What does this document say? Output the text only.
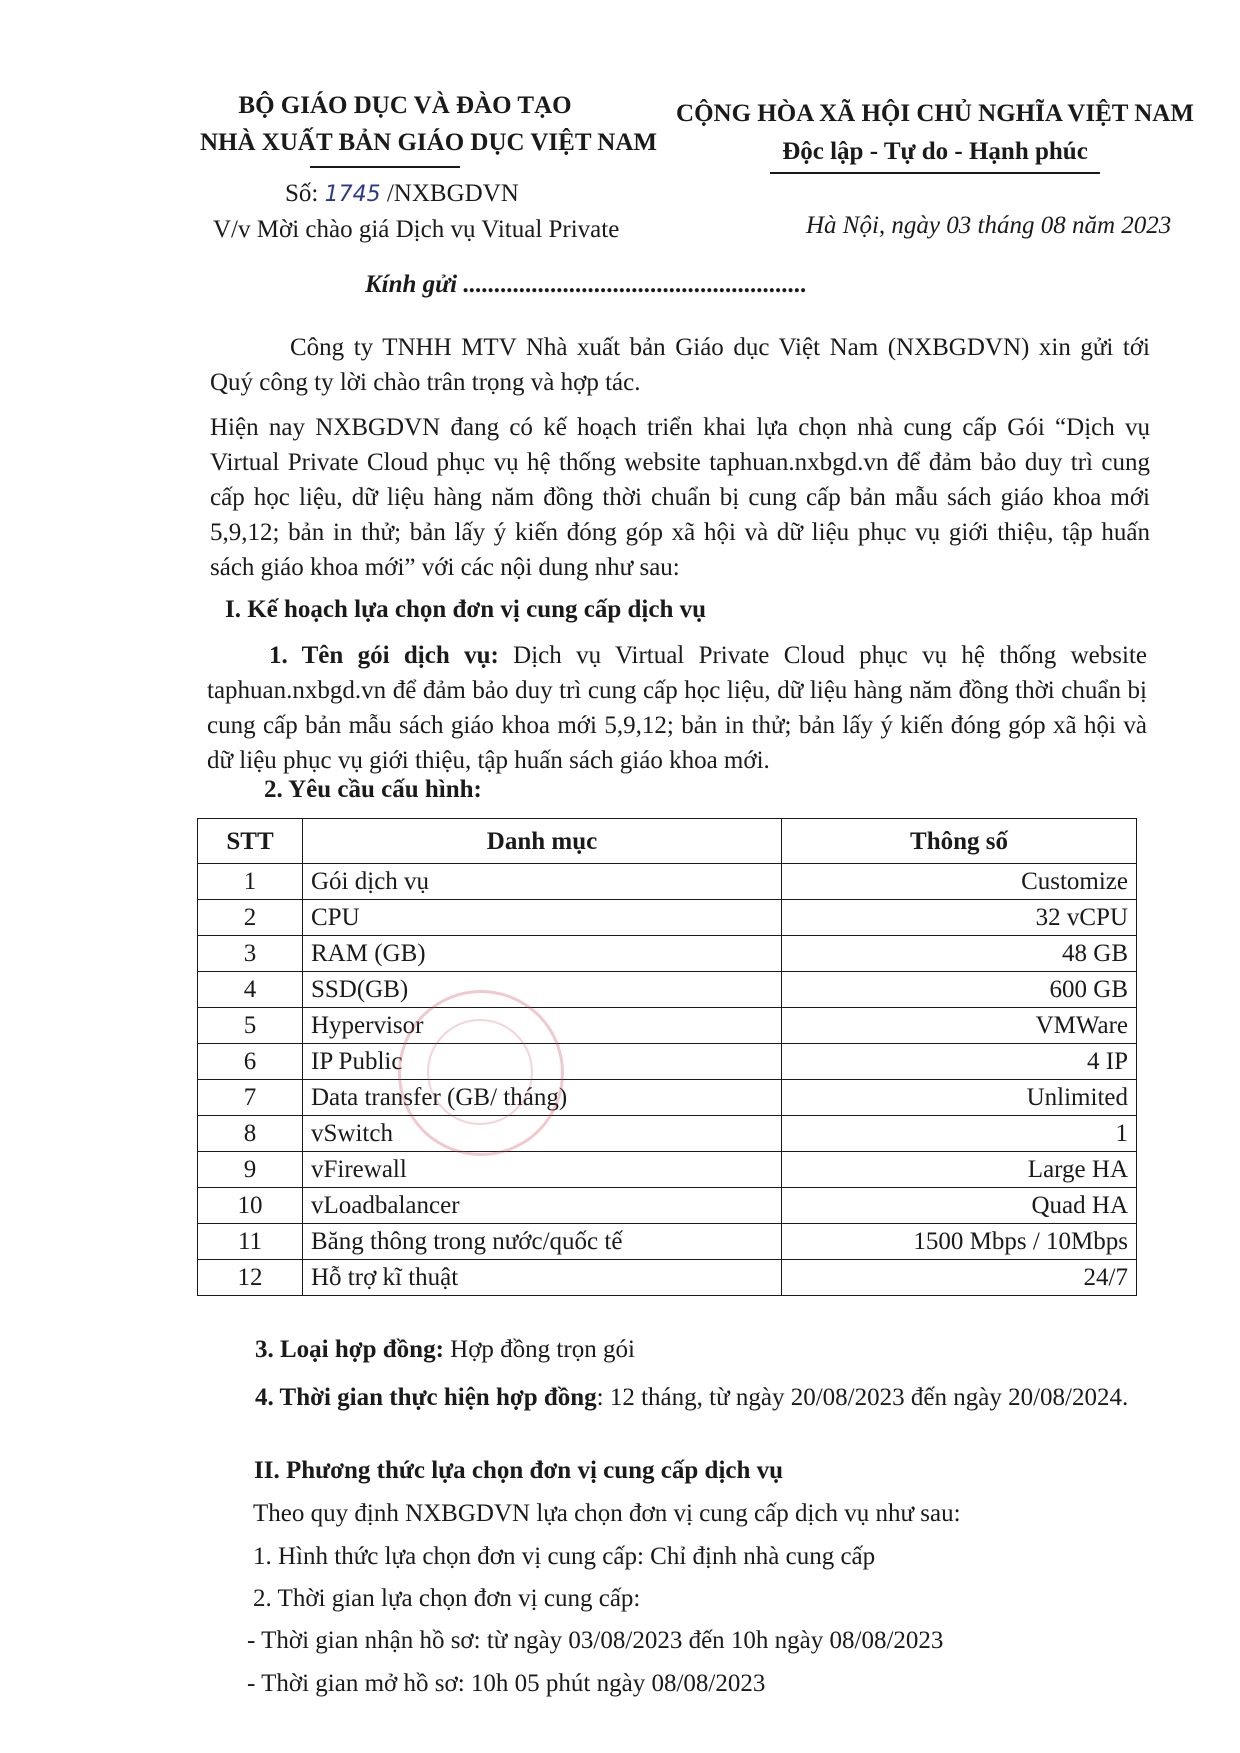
BỘ GIÁO DỤC VÀ ĐÀO TẠO
NHÀ XUẤT BẢN GIÁO DỤC VIỆT NAM
Số: 1745 /NXBGDVN
V/v Mời chào giá Dịch vụ Vitual Private
CỘNG HÒA XÃ HỘI CHỦ NGHĨA VIỆT NAM
Độc lập - Tự do - Hạnh phúc
Hà Nội, ngày 03 tháng 08 năm 2023
Kính gửi .......................................................
Công ty TNHH MTV Nhà xuất bản Giáo dục Việt Nam (NXBGDVN) xin gửi tới Quý công ty lời chào trân trọng và hợp tác.
Hiện nay NXBGDVN đang có kế hoạch triển khai lựa chọn nhà cung cấp Gói “Dịch vụ Virtual Private Cloud phục vụ hệ thống website taphuan.nxbgd.vn để đảm bảo duy trì cung cấp học liệu, dữ liệu hàng năm đồng thời chuẩn bị cung cấp bản mẫu sách giáo khoa mới 5,9,12; bản in thử; bản lấy ý kiến đóng góp xã hội và dữ liệu phục vụ giới thiệu, tập huấn sách giáo khoa mới” với các nội dung như sau:
I. Kế hoạch lựa chọn đơn vị cung cấp dịch vụ
1. Tên gói dịch vụ: Dịch vụ Virtual Private Cloud phục vụ hệ thống website taphuan.nxbgd.vn để đảm bảo duy trì cung cấp học liệu, dữ liệu hàng năm đồng thời chuẩn bị cung cấp bản mẫu sách giáo khoa mới 5,9,12; bản in thử; bản lấy ý kiến đóng góp xã hội và dữ liệu phục vụ giới thiệu, tập huấn sách giáo khoa mới.
2. Yêu cầu cấu hình:
STT	Danh mục	Thông số
1	Gói dịch vụ	Customize
2	CPU	32 vCPU
3	RAM (GB)	48 GB
4	SSD(GB)	600 GB
5	Hypervisor	VMWare
6	IP Public	4 IP
7	Data transfer (GB/ tháng)	Unlimited
8	vSwitch	1
9	vFirewall	Large HA
10	vLoadbalancer	Quad HA
11	Băng thông trong nước/quốc tế	1500 Mbps / 10Mbps
12	Hỗ trợ kĩ thuật	24/7
3. Loại hợp đồng: Hợp đồng trọn gói
4. Thời gian thực hiện hợp đồng: 12 tháng, từ ngày 20/08/2023 đến ngày 20/08/2024.
II. Phương thức lựa chọn đơn vị cung cấp dịch vụ
Theo quy định NXBGDVN lựa chọn đơn vị cung cấp dịch vụ như sau:
1. Hình thức lựa chọn đơn vị cung cấp: Chỉ định nhà cung cấp
2. Thời gian lựa chọn đơn vị cung cấp:
- Thời gian nhận hồ sơ: từ ngày 03/08/2023 đến 10h ngày 08/08/2023
- Thời gian mở hồ sơ: 10h 05 phút ngày 08/08/2023
